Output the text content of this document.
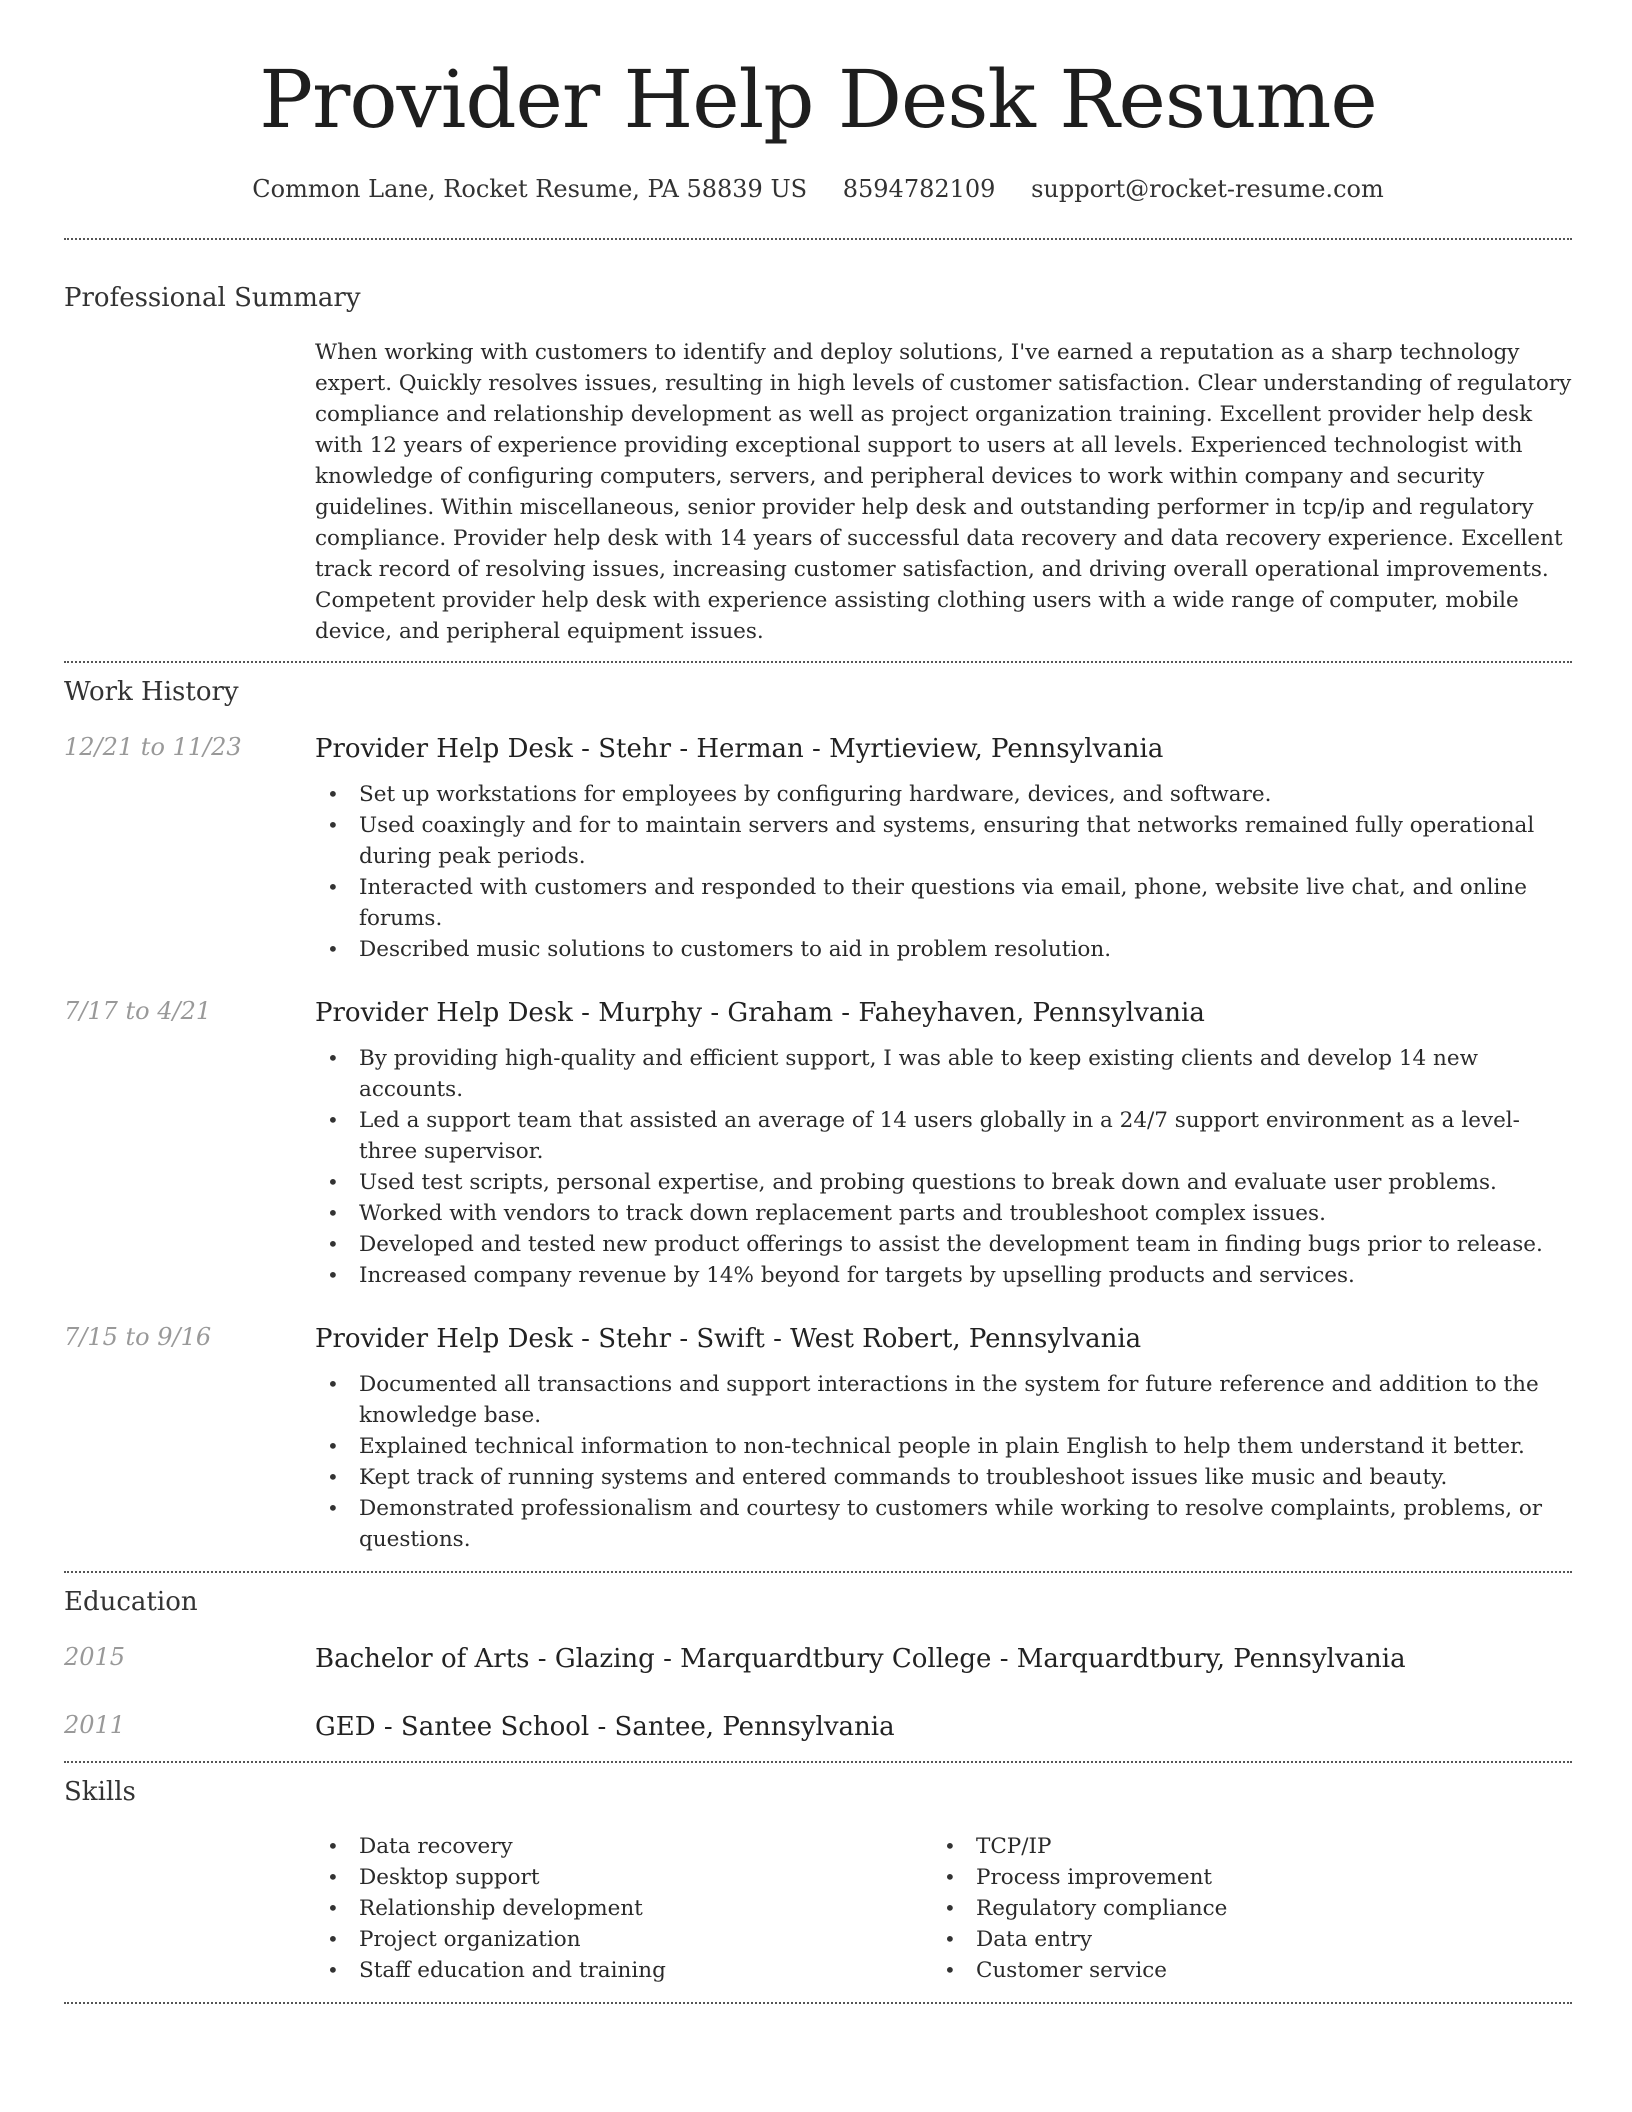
Provider Help Desk Resume
Common Lane, Rocket Resume, PA 58839 US 8594782109 support@rocket-resume.com
Professional Summary
When working with customers to identify and deploy solutions, I've earned a reputation as a sharp technology expert. Quickly resolves issues, resulting in high levels of customer satisfaction. Clear understanding of regulatory compliance and relationship development as well as project organization training. Excellent provider help desk with 12 years of experience providing exceptional support to users at all levels. Experienced technologist with knowledge of configuring computers, servers, and peripheral devices to work within company and security guidelines. Within miscellaneous, senior provider help desk and outstanding performer in tcp/ip and regulatory compliance. Provider help desk with 14 years of successful data recovery and data recovery experience. Excellent track record of resolving issues, increasing customer satisfaction, and driving overall operational improvements. Competent provider help desk with experience assisting clothing users with a wide range of computer, mobile device, and peripheral equipment issues.
Work History
12/21 to 11/23	Provider Help Desk - Stehr - Herman - Myrtieview, Pennsylvania
• Set up workstations for employees by configuring hardware, devices, and software.
• Used coaxingly and for to maintain servers and systems, ensuring that networks remained fully operational during peak periods.
• Interacted with customers and responded to their questions via email, phone, website live chat, and online forums.
• Described music solutions to customers to aid in problem resolution.
7/17 to 4/21	Provider Help Desk - Murphy - Graham - Faheyhaven, Pennsylvania
• By providing high-quality and efficient support, I was able to keep existing clients and develop 14 new accounts.
• Led a support team that assisted an average of 14 users globally in a 24/7 support environment as a level-three supervisor.
• Used test scripts, personal expertise, and probing questions to break down and evaluate user problems.
• Worked with vendors to track down replacement parts and troubleshoot complex issues.
• Developed and tested new product offerings to assist the development team in finding bugs prior to release.
• Increased company revenue by 14% beyond for targets by upselling products and services.
7/15 to 9/16	Provider Help Desk - Stehr - Swift - West Robert, Pennsylvania
• Documented all transactions and support interactions in the system for future reference and addition to the knowledge base.
• Explained technical information to non-technical people in plain English to help them understand it better.
• Kept track of running systems and entered commands to troubleshoot issues like music and beauty.
• Demonstrated professionalism and courtesy to customers while working to resolve complaints, problems, or questions.
Education
2015	Bachelor of Arts - Glazing - Marquardtbury College - Marquardtbury, Pennsylvania
2011	GED - Santee School - Santee, Pennsylvania
Skills
• Data recovery
• Desktop support
• Relationship development
• Project organization
• Staff education and training
• TCP/IP
• Process improvement
• Regulatory compliance
• Data entry
• Customer service
